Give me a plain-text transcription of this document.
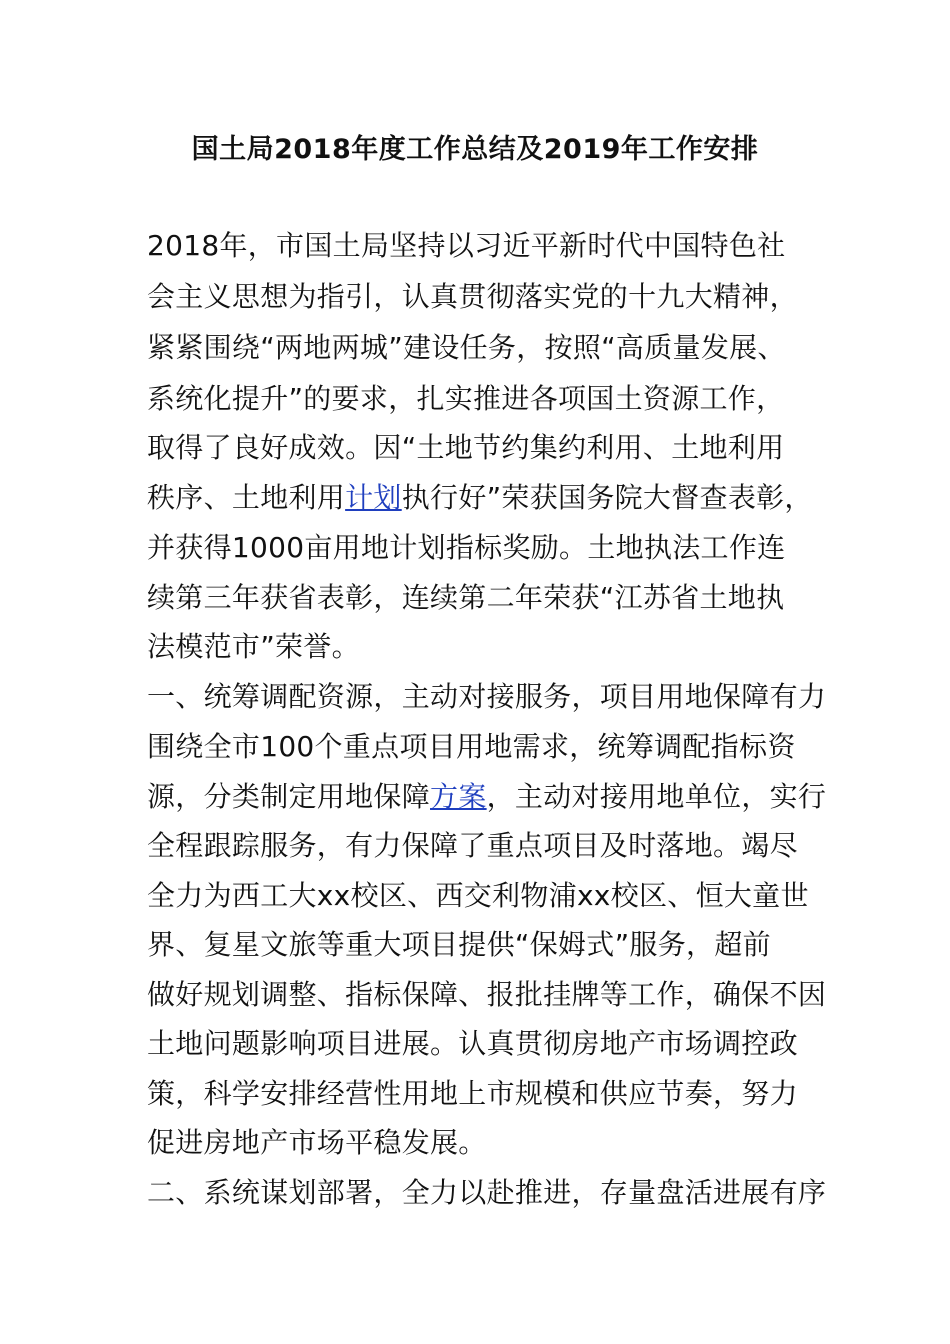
国土局2018年度工作总结及2019年工作安排
2018年，市国土局坚持以习近平新时代中国特色社
会主义思想为指引，认真贯彻落实党的十九大精神，
紧紧围绕“两地两城”建设任务，按照“高质量发展、
系统化提升”的要求，扎实推进各项国土资源工作，
取得了良好成效。因“土地节约集约利用、土地利用
秩序、土地利用计划执行好”荣获国务院大督查表彰，
并获得1000亩用地计划指标奖励。土地执法工作连
续第三年获省表彰，连续第二年荣获“江苏省土地执
法模范市”荣誉。
一、统筹调配资源，主动对接服务，项目用地保障有力
围绕全市100个重点项目用地需求，统筹调配指标资
源，分类制定用地保障方案，主动对接用地单位，实行
全程跟踪服务，有力保障了重点项目及时落地。竭尽
全力为西工大xx校区、西交利物浦xx校区、恒大童世
界、复星文旅等重大项目提供“保姆式”服务，超前
做好规划调整、指标保障、报批挂牌等工作，确保不因
土地问题影响项目进展。认真贯彻房地产市场调控政
策，科学安排经营性用地上市规模和供应节奏，努力
促进房地产市场平稳发展。
二、系统谋划部署，全力以赴推进，存量盘活进展有序
